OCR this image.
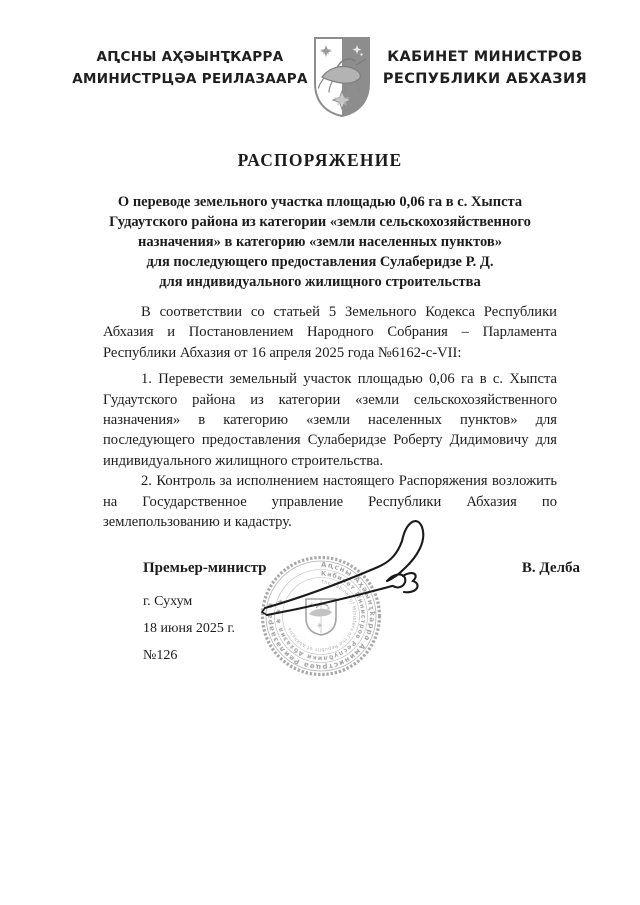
АԤСНЫ АҲӘЫНҬҞАРРА
АМИНИСТРЦӘА РЕИЛАЗААРА
КАБИНЕТ МИНИСТРОВ
РЕСПУБЛИКИ АБХАЗИЯ
РАСПОРЯЖЕНИЕ
О переводе земельного участка площадью 0,06 га в с. Хыпста
Гудаутского района из категории «земли сельскохозяйственного
назначения» в категорию «земли населенных пунктов»
для последующего предоставления Сулаберидзе Р. Д.
для индивидуального жилищного строительства

В соответствии со статьей 5 Земельного Кодекса Республики Абхазия и Постановлением Народного Собрания – Парламента Республики Абхазия от 16 апреля 2025 года №6162-с-VII:

1. Перевести земельный участок площадью 0,06 га в с. Хыпста Гудаутского района из категории «земли сельскохозяйственного назначения» в категорию «земли населенных пунктов» для последующего предоставления Сулаберидзе Роберту Дидимовичу для индивидуального жилищного строительства.

2. Контроль за исполнением настоящего Распоряжения возложить на Государственное управление Республики Абхазия по землепользованию и кадастру.

Премьер-министр	В. Делба
г. Сухум
18 июня 2025 г.
№126
Аԥсны Аҳәынҭҟарра Аминистрцәа Реилазаара ✱
Кабинет Министров Республики Абхазия ✱ ✱ ✱
The Cabinet of Ministers of the Republic of Abkhazia
✳ ✳
✳
